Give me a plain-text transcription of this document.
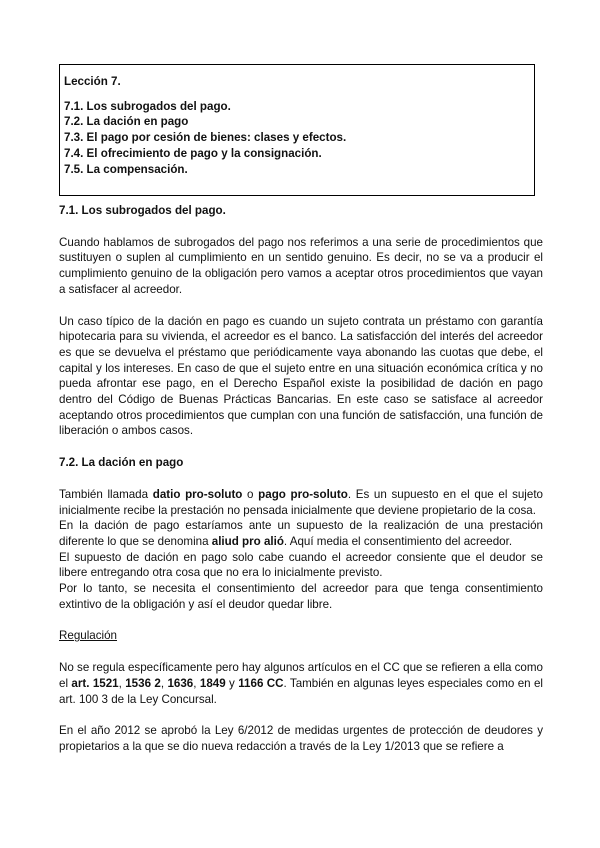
Lección 7.
7.1. Los subrogados del pago.
7.2. La dación en pago
7.3. El pago por cesión de bienes: clases y efectos.
7.4. El ofrecimiento de pago y la consignación.
7.5. La compensación.

7.1. Los subrogados del pago.

Cuando hablamos de subrogados del pago nos referimos a una serie de procedimientos que sustituyen o suplen al cumplimiento en un sentido genuino. Es decir, no se va a producir el cumplimiento genuino de la obligación pero vamos a aceptar otros procedimientos que vayan a satisfacer al acreedor.

Un caso típico de la dación en pago es cuando un sujeto contrata un préstamo con garantía hipotecaria para su vivienda, el acreedor es el banco. La satisfacción del interés del acreedor es que se devuelva el préstamo que periódicamente vaya abonando las cuotas que debe, el capital y los intereses. En caso de que el sujeto entre en una situación económica crítica y no pueda afrontar ese pago, en el Derecho Español existe la posibilidad de dación en pago dentro del Código de Buenas Prácticas Bancarias. En este caso se satisface al acreedor aceptando otros procedimientos que cumplan con una función de satisfacción, una función de liberación o ambos casos.

7.2. La dación en pago

También llamada datio pro-soluto o pago pro-soluto. Es un supuesto en el que el sujeto inicialmente recibe la prestación no pensada inicialmente que deviene propietario de la cosa.

En la dación de pago estaríamos ante un supuesto de la realización de una prestación diferente lo que se denomina aliud pro alió. Aquí media el consentimiento del acreedor.

El supuesto de dación en pago solo cabe cuando el acreedor consiente que el deudor se libere entregando otra cosa que no era lo inicialmente previsto.

Por lo tanto, se necesita el consentimiento del acreedor para que tenga consentimiento extintivo de la obligación y así el deudor quedar libre.

Regulación

No se regula específicamente pero hay algunos artículos en el CC que se refieren a ella como el art. 1521, 1536 2, 1636, 1849 y 1166 CC. También en algunas leyes especiales como en el art. 100 3 de la Ley Concursal.

En el año 2012 se aprobó la Ley 6/2012 de medidas urgentes de protección de deudores y propietarios a la que se dio nueva redacción a través de la Ley 1/2013 que se refiere a
